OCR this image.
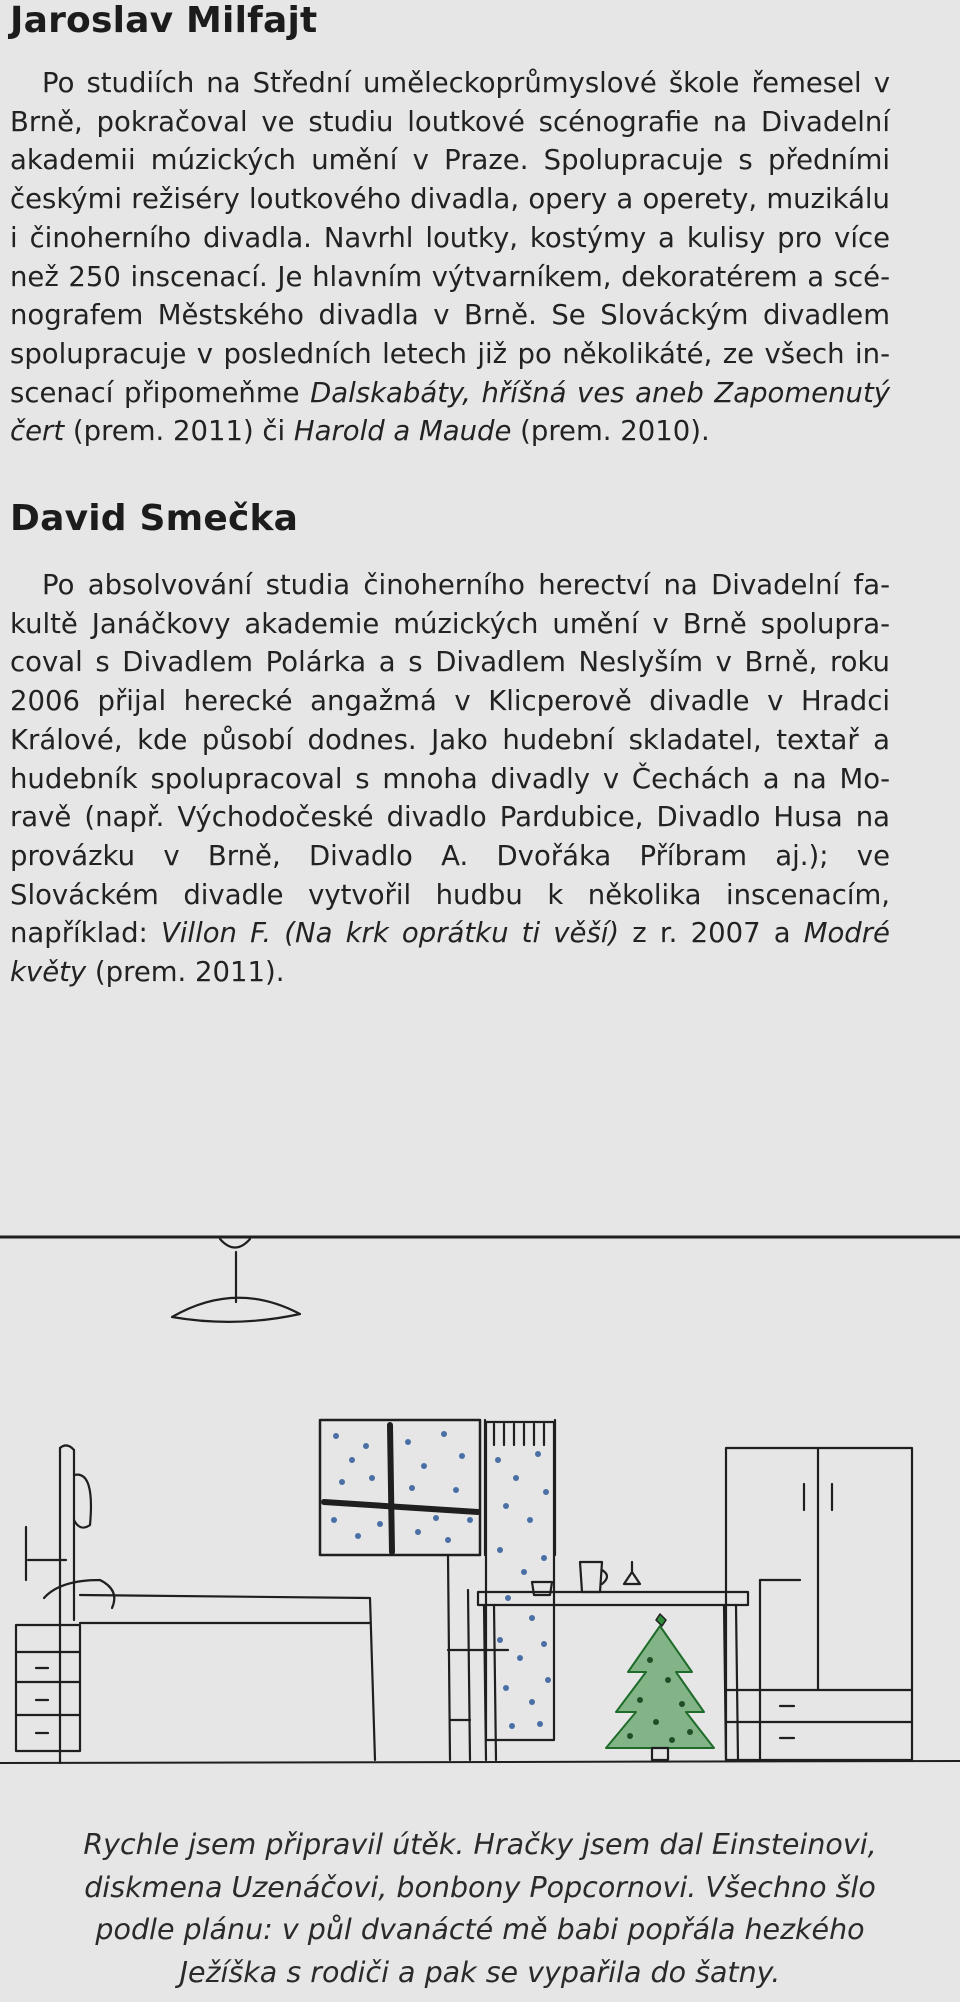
Jaroslav Milfajt

Po studiích na Střední uměleckoprůmyslové škole řemesel v Brně, pokračoval ve studiu loutkové scénografie na Divadelní akademii múzických umění v Praze. Spolupracuje s předními českými režiséry loutkového divadla, opery a operety, muzikálu i činoherního divadla. Navrhl loutky, kostýmy a kulisy pro více než 250 inscenací. Je hlavním výtvarníkem, dekoratérem a scénografem Městského divadla v Brně. Se Slováckým divadlem spolupracuje v posledních letech již po několikáté, ze všech inscenací připomeňme Dalskabáty, hříšná ves aneb Zapomenutý čert (prem. 2011) či Harold a Maude (prem. 2010).

David Smečka

Po absolvování studia činoherního herectví na Divadelní fakultě Janáčkovy akademie múzických umění v Brně spolupracoval s Divadlem Polárka a s Divadlem Neslyším v Brně, roku 2006 přijal herecké angažmá v Klicperově divadle v Hradci Králové, kde působí dodnes. Jako hudební skladatel, textař a hudebník spolupracoval s mnoha divadly v Čechách a na Moravě (např. Východočeské divadlo Pardubice, Divadlo Husa na provázku v Brně, Divadlo A. Dvořáka Příbram aj.); ve Slováckém divadle vytvořil hudbu k několika inscenacím, například: Villon F. (Na krk oprátku ti věší) z r. 2007 a Modré květy (prem. 2011).

Rychle jsem připravil útěk. Hračky jsem dal Einsteinovi,
diskmena Uzenáčovi, bonbony Popcornovi. Všechno šlo
podle plánu: v půl dvanácté mě babi popřála hezkého
Ježíška s rodiči a pak se vypařila do šatny.
